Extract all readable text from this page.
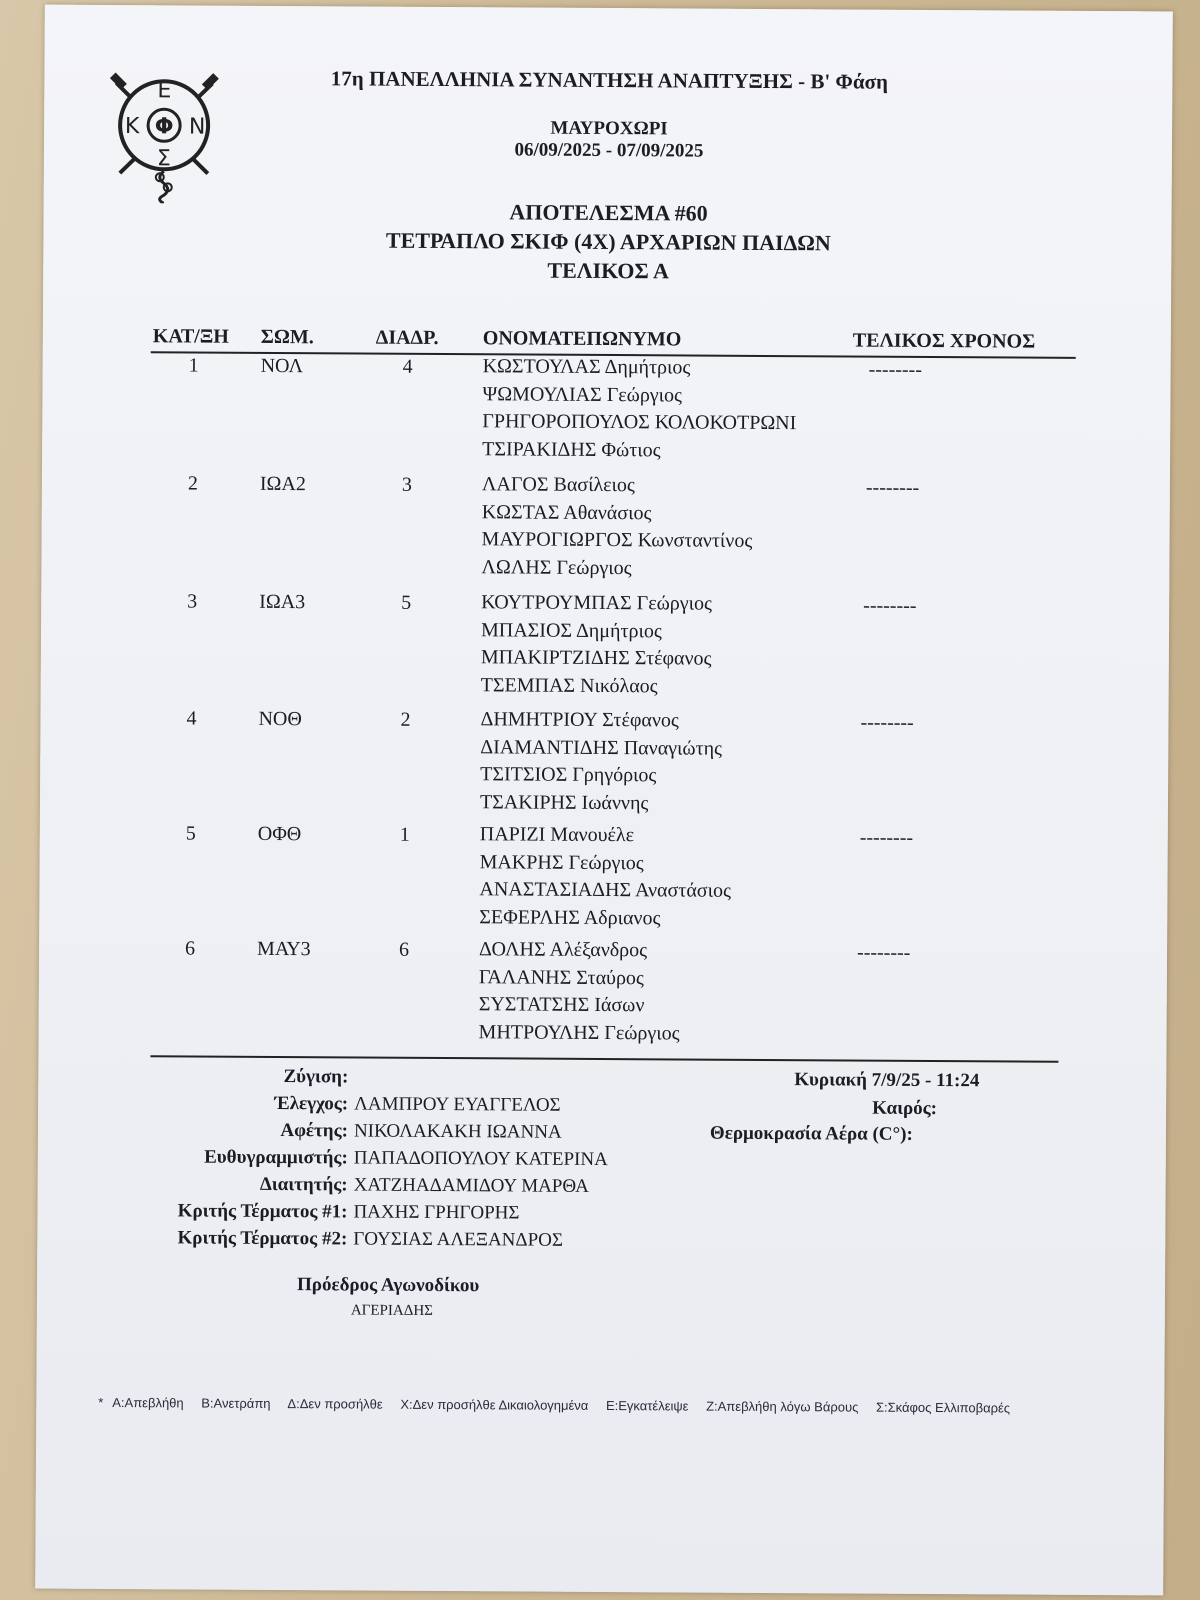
Ε
Κ Φ Ν
Σ
17η ΠΑΝΕΛΛΗΝΙΑ ΣΥΝΑΝΤΗΣΗ ΑΝΑΠΤΥΞΗΣ - Β' Φάση
ΜΑΥΡΟΧΩΡΙ
06/09/2025 - 07/09/2025
ΑΠΟΤΕΛΕΣΜΑ #60
ΤΕΤΡΑΠΛΟ ΣΚΙΦ (4Χ) ΑΡΧΑΡΙΩΝ ΠΑΙΔΩΝ
ΤΕΛΙΚΟΣ Α
ΚΑΤ/ΞΗ ΣΩΜ.	ΔΙΑΔΡ. ΟΝΟΜΑΤΕΠΩΝΥΜΟ	ΤΕΛΙΚΟΣ ΧΡΟΝΟΣ
1	ΝΟΛ	4	ΚΩΣΤΟΥΛΑΣ Δημήτριος
ΨΩΜΟΥΛΙΑΣ Γεώργιος
ΓΡΗΓΟΡΟΠΟΥΛΟΣ ΚΟΛΟΚΟΤΡΩΝΙ
ΤΣΙΡΑΚΙΔΗΣ Φώτιος
--------
2	ΙΩΑ2	3	ΛΑΓΟΣ Βασίλειος
ΚΩΣΤΑΣ Αθανάσιος
ΜΑΥΡΟΓΙΩΡΓΟΣ Κωνσταντίνος
ΛΩΛΗΣ Γεώργιος
--------
3	ΙΩΑ3	5	ΚΟΥΤΡΟΥΜΠΑΣ Γεώργιος
ΜΠΑΣΙΟΣ Δημήτριος
ΜΠΑΚΙΡΤΖΙΔΗΣ Στέφανος
ΤΣΕΜΠΑΣ Νικόλαος
--------
4	ΝΟΘ	2	ΔΗΜΗΤΡΙΟΥ Στέφανος
ΔΙΑΜΑΝΤΙΔΗΣ Παναγιώτης
ΤΣΙΤΣΙΟΣ Γρηγόριος
ΤΣΑΚΙΡΗΣ Ιωάννης
--------
5	ΟΦΘ	1	ΠΑΡΙΖΙ Μανουέλε
ΜΑΚΡΗΣ Γεώργιος
ΑΝΑΣΤΑΣΙΑΔΗΣ Αναστάσιος
ΣΕΦΕΡΛΗΣ Αδριανος
--------
6	ΜΑΥ3	6	ΔΟΛΗΣ Αλέξανδρος
ΓΑΛΑΝΗΣ Σταύρος
ΣΥΣΤΑΤΣΗΣ Ιάσων
ΜΗΤΡΟΥΛΗΣ Γεώργιος
--------
Ζύγιση:
Έλεγχος: ΛΑΜΠΡΟΥ ΕΥΑΓΓΕΛΟΣ
Αφέτης: ΝΙΚΟΛΑΚΑΚΗ ΙΩΑΝΝΑ
Ευθυγραμμιστής: ΠΑΠΑΔΟΠΟΥΛΟΥ ΚΑΤΕΡΙΝΑ
Διαιτητής: ΧΑΤΖΗΑΔΑΜΙΔΟΥ ΜΑΡΘΑ
Κριτής Τέρματος #1: ΠΑΧΗΣ ΓΡΗΓΟΡΗΣ
Κριτής Τέρματος #2: ΓΟΥΣΙΑΣ ΑΛΕΞΑΝΔΡΟΣ
Κυριακή 7/9/25 - 11:24
Καιρός:
Θερμοκρασία Αέρα (C°):
Πρόεδρος Αγωνοδίκου
ΑΓΕΡΙΑΔΗΣ
* Α:Απεβλήθη Β:Ανετράπη Δ:Δεν προσήλθε Χ:Δεν προσήλθε Δικαιολογημένα Ε:Εγκατέλειψε Ζ:Απεβλήθη λόγω Βάρους Σ:Σκάφος Ελλιποβαρές
